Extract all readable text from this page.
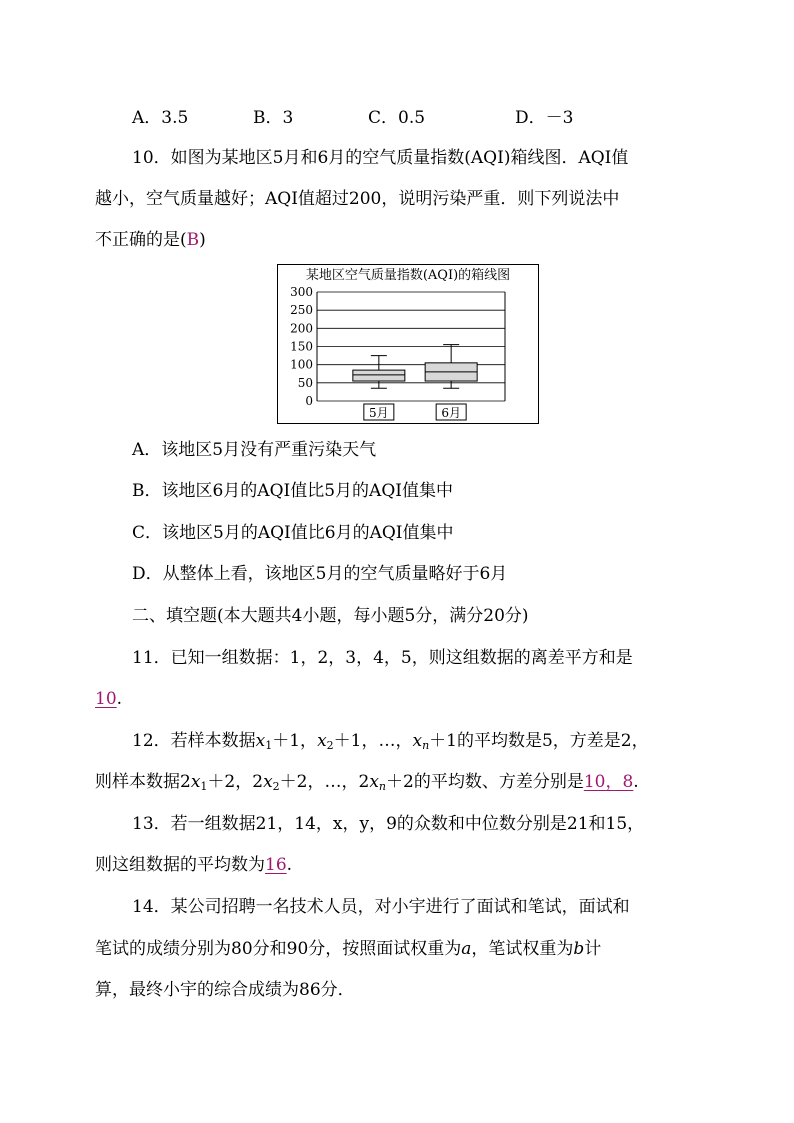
A．3.5	B．3	C．0.5	D．－3
10．如图为某地区5月和6月的空气质量指数(AQI)箱线图．AQI值
越小，空气质量越好；AQI值超过200，说明污染严重．则下列说法中
不正确的是(B)
某地区空气质量指数(AQI)的箱线图
0
50
100
150
200
250
300
5月	6月
A．该地区5月没有严重污染天气
B．该地区6月的AQI值比5月的AQI值集中
C．该地区5月的AQI值比6月的AQI值集中
D．从整体上看，该地区5月的空气质量略好于6月
二、填空题(本大题共4小题，每小题5分，满分20分)
11．已知一组数据：1，2，3，4，5，则这组数据的离差平方和是
10.
12．若样本数据$x_1+1$，$x_2+1$，…，$x_n+1$的平均数是5，方差是2，
则样本数据$2x_1+2$，$2x_2+2$，…，$2x_n+2$的平均数、方差分别是10，8.
13．若一组数据21，14，x，y，9的众数和中位数分别是21和15，
则这组数据的平均数为16.
14．某公司招聘一名技术人员，对小宇进行了面试和笔试，面试和
笔试的成绩分别为80分和90分，按照面试权重为a，笔试权重为b计
算，最终小宇的综合成绩为86分．
